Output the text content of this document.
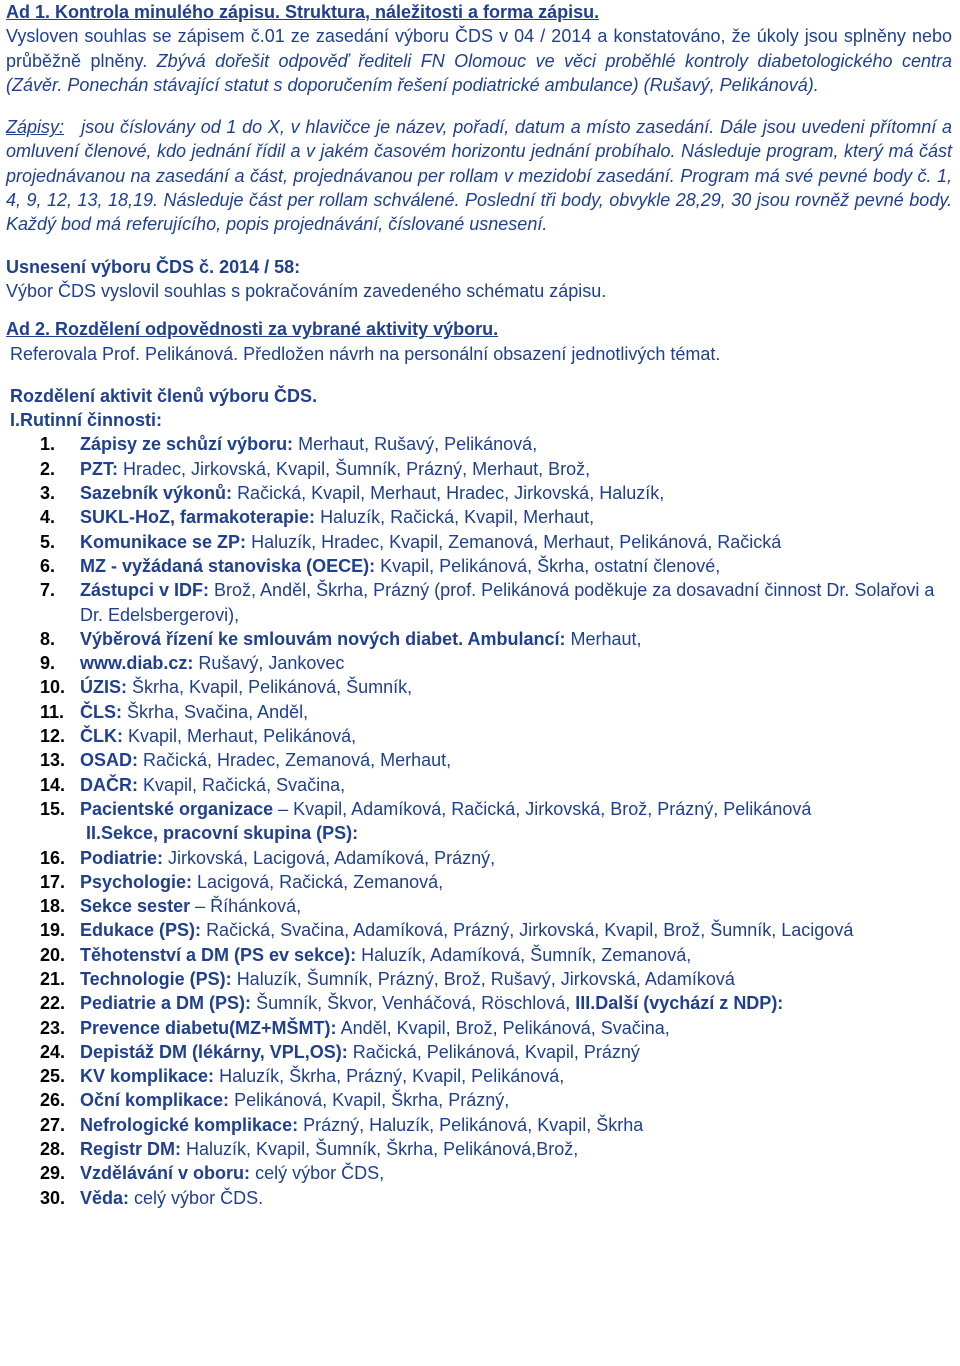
Ad 1. Kontrola minulého zápisu. Struktura, náležitosti a forma zápisu.

Vysloven souhlas se zápisem č.01 ze zasedání výboru ČDS v 04 / 2014 a konstatováno, že úkoly jsou splněny nebo průběžně plněny. Zbývá dořešit odpověď řediteli FN Olomouc ve věci proběhlé kontroly diabetologického centra (Závěr. Ponechán stávající statut s doporučením řešení podiatrické ambulance) (Rušavý, Pelikánová).

Zápisy: jsou číslovány od 1 do X, v hlavičce je název, pořadí, datum a místo zasedání. Dále jsou uvedeni přítomní a omluvení členové, kdo jednání řídil a v jakém časovém horizontu jednání probíhalo. Následuje program, který má část projednávanou na zasedání a část, projednávanou per rollam v mezidobí zasedání. Program má své pevné body č. 1, 4, 9, 12, 13, 18,19. Následuje část per rollam schválené. Poslední tři body, obvykle 28,29, 30 jsou rovněž pevné body. Každý bod má referujícího, popis projednávání, číslované usnesení.

Usnesení výboru ČDS č. 2014 / 58:

Výbor ČDS vyslovil souhlas s pokračováním zavedeného schématu zápisu.

Ad 2. Rozdělení odpovědnosti za vybrané aktivity výboru.

Referovala Prof. Pelikánová. Předložen návrh na personální obsazení jednotlivých témat.

Rozdělení aktivit členů výboru ČDS.

I.Rutinní činnosti:

1. Zápisy ze schůzí výboru: Merhaut, Rušavý, Pelikánová,
2. PZT: Hradec, Jirkovská, Kvapil, Šumník, Prázný, Merhaut, Brož,
3. Sazebník výkonů: Račická, Kvapil, Merhaut, Hradec, Jirkovská, Haluzík,
4. SUKL-HoZ, farmakoterapie: Haluzík, Račická, Kvapil, Merhaut,
5. Komunikace se ZP: Haluzík, Hradec, Kvapil, Zemanová, Merhaut, Pelikánová, Račická
6. MZ - vyžádaná stanoviska (OECE): Kvapil, Pelikánová, Škrha, ostatní členové,
7. Zástupci v IDF: Brož, Anděl, Škrha, Prázný (prof. Pelikánová poděkuje za dosavadní činnost Dr. Solařovi a Dr. Edelsbergerovi),
8. Výběrová řízení ke smlouvám nových diabet. Ambulancí: Merhaut,
9. www.diab.cz: Rušavý, Jankovec
10. ÚZIS: Škrha, Kvapil, Pelikánová, Šumník,
11. ČLS: Škrha, Svačina, Anděl,
12. ČLK: Kvapil, Merhaut, Pelikánová,
13. OSAD: Račická, Hradec, Zemanová, Merhaut,
14. DAČR: Kvapil, Račická, Svačina,
15. Pacientské organizace – Kvapil, Adamíková, Račická, Jirkovská, Brož, Prázný, Pelikánová
II.Sekce, pracovní skupina (PS):
16. Podiatrie: Jirkovská, Lacigová, Adamíková, Prázný,
17. Psychologie: Lacigová, Račická, Zemanová,
18. Sekce sester – Říhánková,
19. Edukace (PS): Račická, Svačina, Adamíková, Prázný, Jirkovská, Kvapil, Brož, Šumník, Lacigová
20. Těhotenství a DM (PS ev sekce): Haluzík, Adamíková, Šumník, Zemanová,
21. Technologie (PS): Haluzík, Šumník, Prázný, Brož, Rušavý, Jirkovská, Adamíková
22. Pediatrie a DM (PS): Šumník, Škvor, Venháčová, Röschlová, III.Další (vychází z NDP):
23. Prevence diabetu(MZ+MŠMT): Anděl, Kvapil, Brož, Pelikánová, Svačina,
24. Depistáž DM (lékárny, VPL,OS): Račická, Pelikánová, Kvapil, Prázný
25. KV komplikace: Haluzík, Škrha, Prázný, Kvapil, Pelikánová,
26. Oční komplikace: Pelikánová, Kvapil, Škrha, Prázný,
27. Nefrologické komplikace: Prázný, Haluzík, Pelikánová, Kvapil, Škrha
28. Registr DM: Haluzík, Kvapil, Šumník, Škrha, Pelikánová,Brož,
29. Vzdělávání v oboru: celý výbor ČDS,
30. Věda: celý výbor ČDS.
